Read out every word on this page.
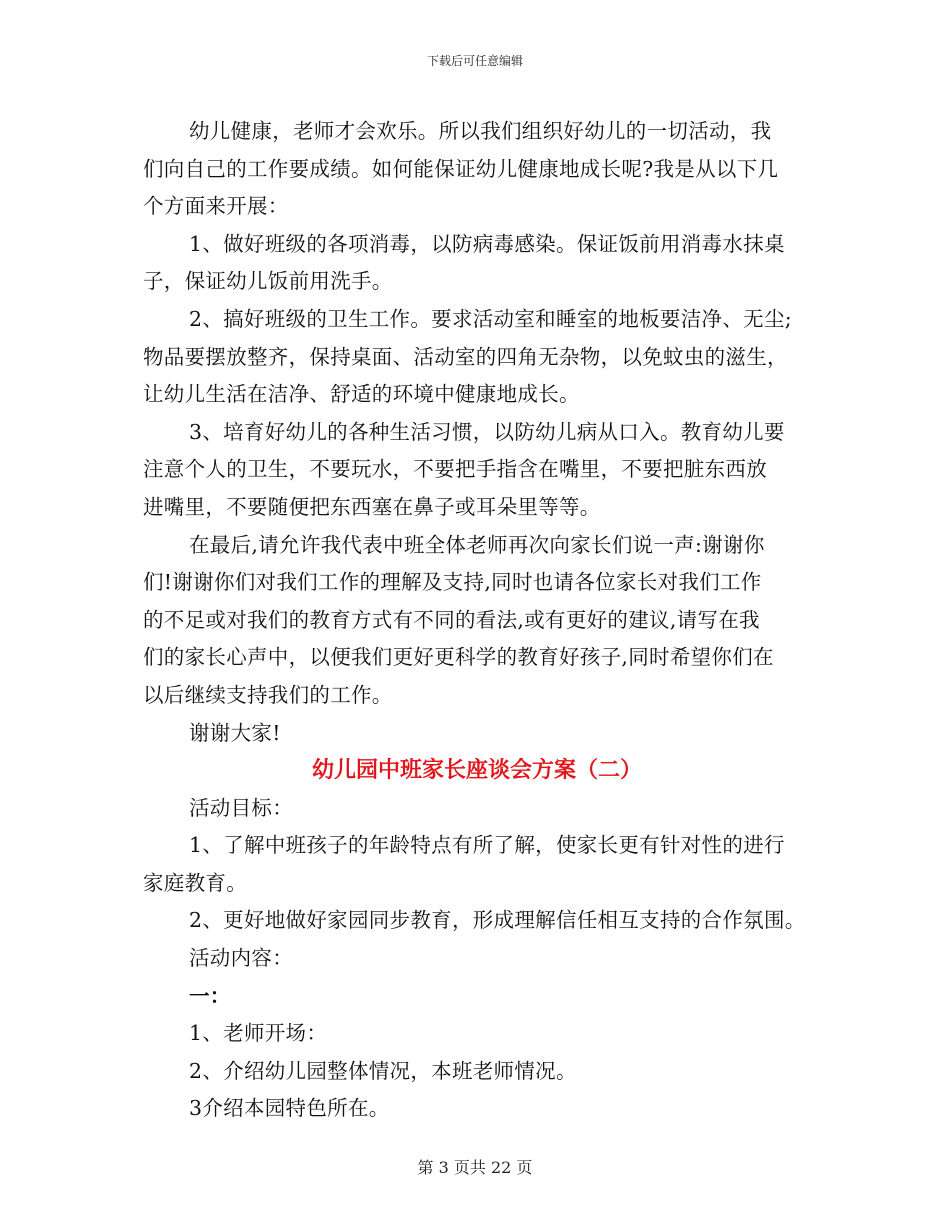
下载后可任意编辑
幼儿健康，老师才会欢乐。所以我们组织好幼儿的一切活动，我
们向自己的工作要成绩。如何能保证幼儿健康地成长呢?我是从以下几
个方面来开展：
1、做好班级的各项消毒，以防病毒感染。保证饭前用消毒水抹桌
子，保证幼儿饭前用洗手。
2、搞好班级的卫生工作。要求活动室和睡室的地板要洁净、无尘;
物品要摆放整齐，保持桌面、活动室的四角无杂物，以免蚊虫的滋生，
让幼儿生活在洁净、舒适的环境中健康地成长。
3、培育好幼儿的各种生活习惯，以防幼儿病从口入。教育幼儿要
注意个人的卫生，不要玩水，不要把手指含在嘴里，不要把脏东西放
进嘴里，不要随便把东西塞在鼻子或耳朵里等等。
在最后,请允许我代表中班全体老师再次向家长们说一声:谢谢你
们!谢谢你们对我们工作的理解及支持,同时也请各位家长对我们工作
的不足或对我们的教育方式有不同的看法,或有更好的建议,请写在我
们的家长心声中，以便我们更好更科学的教育好孩子,同时希望你们在
以后继续支持我们的工作。
谢谢大家!
幼儿园中班家长座谈会方案（二）
活动目标：
1、了解中班孩子的年龄特点有所了解，使家长更有针对性的进行
家庭教育。
2、更好地做好家园同步教育，形成理解信任相互支持的合作氛围。
活动内容：
一：
1、老师开场：
2、介绍幼儿园整体情况，本班老师情况。
3介绍本园特色所在。
第 3 页共 22 页
